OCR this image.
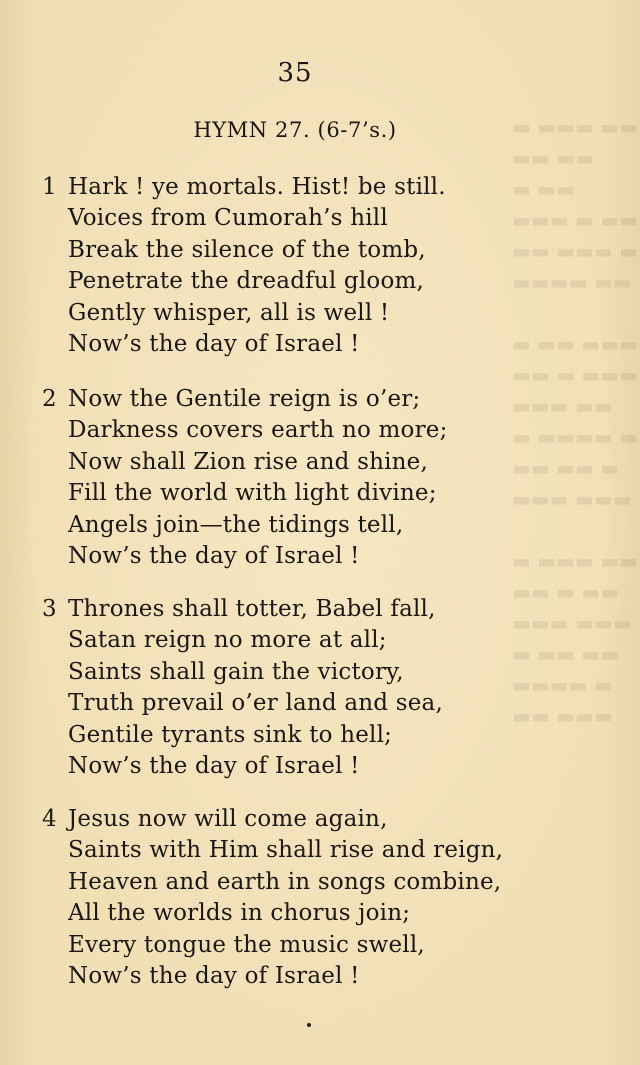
▬ ▬▬▬ ▬▬
▬▬ ▬▬
▬ ▬▬
▬▬▬ ▬ ▬▬
▬▬ ▬▬▬ ▬
▬▬▬▬ ▬▬
▬ ▬▬ ▬▬▬
▬▬ ▬ ▬▬▬
▬▬▬ ▬▬
▬ ▬▬▬▬ ▬
▬▬ ▬▬ ▬
▬▬▬ ▬▬▬
▬ ▬▬▬ ▬▬
▬▬ ▬ ▬▬
▬▬▬ ▬▬▬
▬ ▬▬ ▬▬
▬▬▬▬ ▬
▬▬ ▬▬▬
35
HYMN 27. (6-7’s.)
1 Hark ! ye mortals. Hist! be still.
Voices from Cumorah’s hill
Break the silence of the tomb,
Penetrate the dreadful gloom,
Gently whisper, all is well !
Now’s the day of Israel !
2 Now the Gentile reign is o’er;
Darkness covers earth no more;
Now shall Zion rise and shine,
Fill the world with light divine;
Angels join—the tidings tell,
Now’s the day of Israel !
3 Thrones shall totter, Babel fall,
Satan reign no more at all;
Saints shall gain the victory,
Truth prevail o’er land and sea,
Gentile tyrants sink to hell;
Now’s the day of Israel !
4 Jesus now will come again,
Saints with Him shall rise and reign,
Heaven and earth in songs combine,
All the worlds in chorus join;
Every tongue the music swell,
Now’s the day of Israel !
